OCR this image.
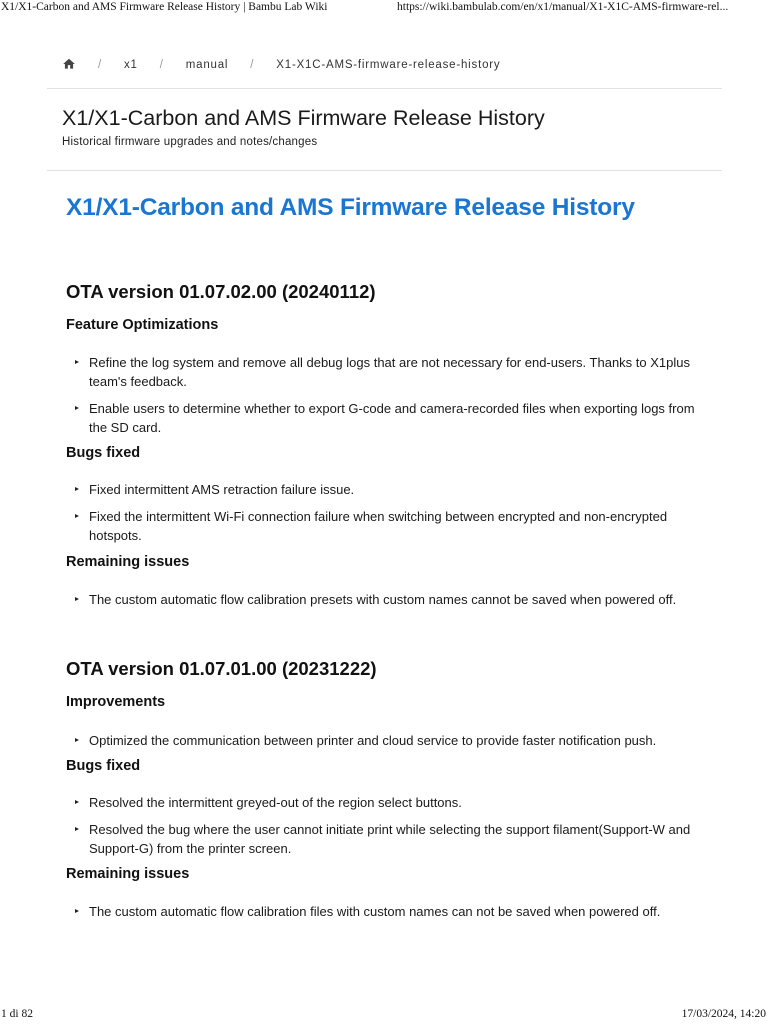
X1/X1-Carbon and AMS Firmware Release History | Bambu Lab Wiki	https://wiki.bambulab.com/en/x1/manual/X1-X1C-AMS-firmware-rel...
/ x1 / manual / X1-X1C-AMS-firmware-release-history
X1/X1-Carbon and AMS Firmware Release History
Historical firmware upgrades and notes/changes
X1/X1-Carbon and AMS Firmware Release History
OTA version 01.07.02.00 (20240112)
Feature Optimizations
Refine the log system and remove all debug logs that are not necessary for end-users. Thanks to X1plus team's feedback.
Enable users to determine whether to export G-code and camera-recorded files when exporting logs from the SD card.
Bugs fixed
Fixed intermittent AMS retraction failure issue.
Fixed the intermittent Wi-Fi connection failure when switching between encrypted and non-encrypted hotspots.
Remaining issues
The custom automatic flow calibration presets with custom names cannot be saved when powered off.
OTA version 01.07.01.00 (20231222)
Improvements
Optimized the communication between printer and cloud service to provide faster notification push.
Bugs fixed
Resolved the intermittent greyed-out of the region select buttons.
Resolved the bug where the user cannot initiate print while selecting the support filament(Support-W and Support-G) from the printer screen.
Remaining issues
The custom automatic flow calibration files with custom names can not be saved when powered off.
1 di 82	17/03/2024, 14:20
